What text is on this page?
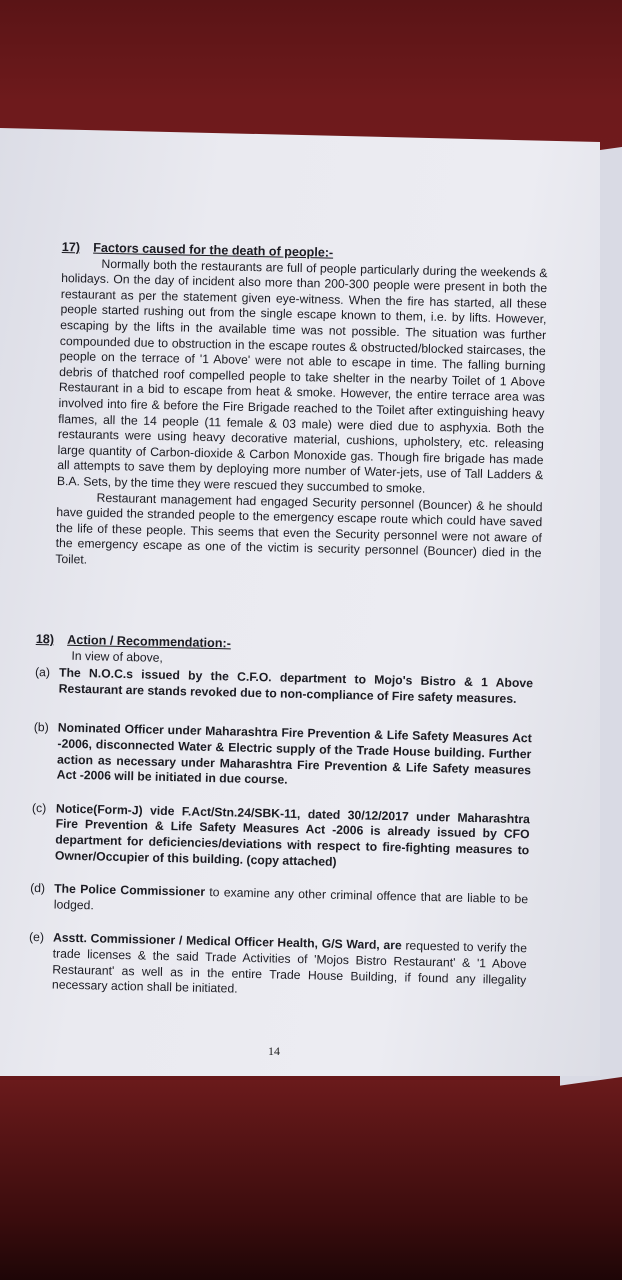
17) Factors caused for the death of people:-
Normally both the restaurants are full of people particularly during the weekends & holidays. On the day of incident also more than 200-300 people were present in both the restaurant as per the statement given eye-witness. When the fire has started, all these people started rushing out from the single escape known to them, i.e. by lifts. However, escaping by the lifts in the available time was not possible. The situation was further compounded due to obstruction in the escape routes & obstructed/blocked staircases, the people on the terrace of '1 Above' were not able to escape in time. The falling burning debris of thatched roof compelled people to take shelter in the nearby Toilet of 1 Above Restaurant in a bid to escape from heat & smoke. However, the entire terrace area was involved into fire & before the Fire Brigade reached to the Toilet after extinguishing heavy flames, all the 14 people (11 female & 03 male) were died due to asphyxia. Both the restaurants were using heavy decorative material, cushions, upholstery, etc. releasing large quantity of Carbon-dioxide & Carbon Monoxide gas. Though fire brigade has made all attempts to save them by deploying more number of Water-jets, use of Tall Ladders & B.A. Sets, by the time they were rescued they succumbed to smoke.
Restaurant management had engaged Security personnel (Bouncer) & he should have guided the stranded people to the emergency escape route which could have saved the life of these people. This seems that even the Security personnel were not aware of the emergency escape as one of the victim is security personnel (Bouncer) died in the Toilet.
18) Action / Recommendation:-
In view of above,
(a) The N.O.C.s issued by the C.F.O. department to Mojo's Bistro & 1 Above Restaurant are stands revoked due to non-compliance of Fire safety measures.
(b) Nominated Officer under Maharashtra Fire Prevention & Life Safety Measures Act -2006, disconnected Water & Electric supply of the Trade House building. Further action as necessary under Maharashtra Fire Prevention & Life Safety measures Act -2006 will be initiated in due course.
(c) Notice(Form-J) vide F.Act/Stn.24/SBK-11, dated 30/12/2017 under Maharashtra Fire Prevention & Life Safety Measures Act -2006 is already issued by CFO department for deficiencies/deviations with respect to fire-fighting measures to Owner/Occupier of this building. (copy attached)
(d) The Police Commissioner to examine any other criminal offence that are liable to be lodged.
(e) Asstt. Commissioner / Medical Officer Health, G/S Ward, are requested to verify the trade licenses & the said Trade Activities of 'Mojos Bistro Restaurant' & '1 Above Restaurant' as well as in the entire Trade House Building, if found any illegality necessary action shall be initiated.
14
